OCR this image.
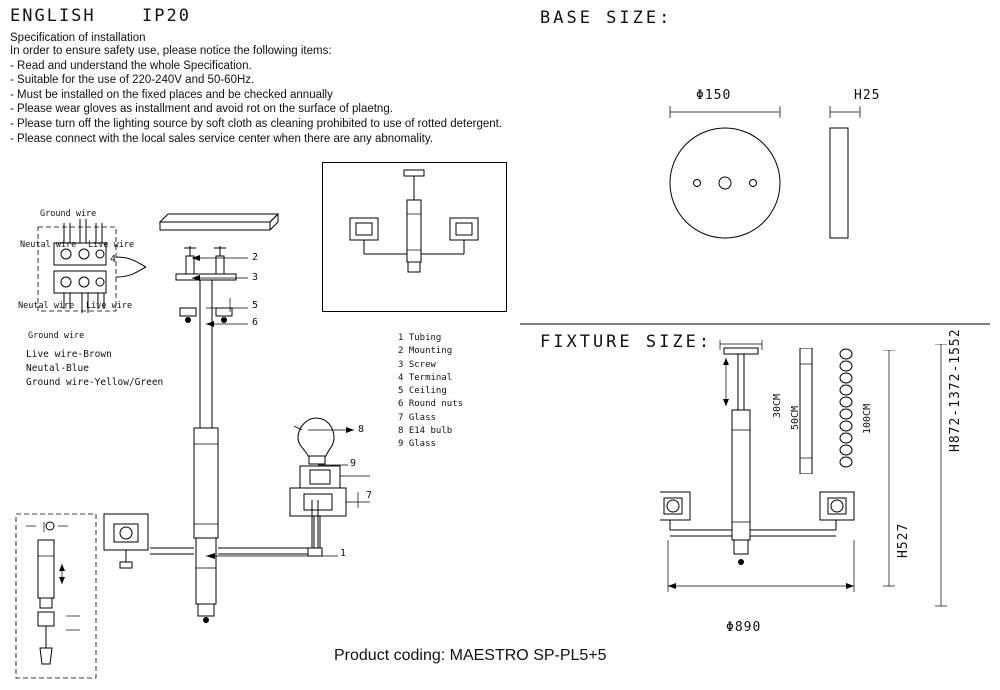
ENGLISH	IP20
Specification of installation
In order to ensure safety use, please notice the following items:
- Read and understand the whole Specification.
- Suitable for the use of 220-240V and 50-60Hz.
- Must be installed on the fixed places and be checked annually
- Please wear gloves as installment and avoid rot on the surface of plaetng.
- Please turn off the lighting source by soft cloth as cleaning prohibited to use of rotted detergent.
- Please connect with the local sales service center when there are any abnomality.
BASE SIZE:
Φ150	H25
Ground wire
Neutal wire Live wire
Neutal wire Live wire
Ground wire
4
Live wire-Brown
Neutal-Blue
Ground wire-Yellow/Green
2
3
5
6
1 Tubing
2 Mounting
3 Screw
4 Terminal
5 Ceiling
6 Round nuts
7 Glass
8 E14 bulb
9 Glass
8
9
7
1
FIXTURE SIZE:
30CM 50CM	100CM
H527
H872-1372-1552
Φ890
Product coding: MAESTRO SP-PL5+5
